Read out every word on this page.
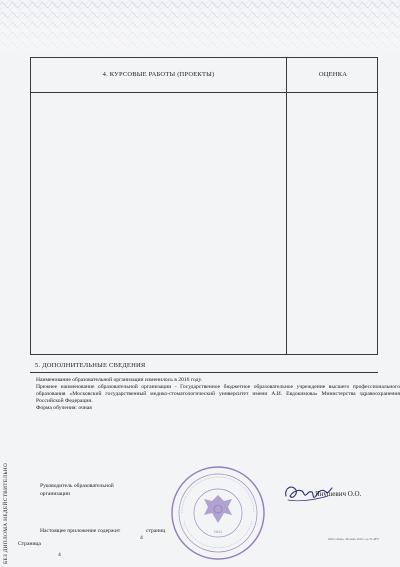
4. КУРСОВЫЕ РАБОТЫ (ПРОЕКТЫ)	ОЦЕНКА
5. ДОПОЛНИТЕЛЬНЫЕ СВЕДЕНИЯ
Наименование образовательной организации изменилось в 2016 году.
Прежнее наименование образовательной организации - Государственное бюджетное образовательное учреждение высшего профессионального образования «Московский государственный медико-стоматологический университет имени А.И. Евдокимова» Министерства здравоохранения Российской Федерации.
Форма обучения: очная
БЕЗ ДИПЛОМА НЕДЕЙСТВИТЕЛЬНО	Руководитель образовательной
организации
№11
Янушевич О.О.
Настоящее приложение содержит
4
страниц
Страница
4
ООО «Знак», Москва, 2016, з-д, № 4857
